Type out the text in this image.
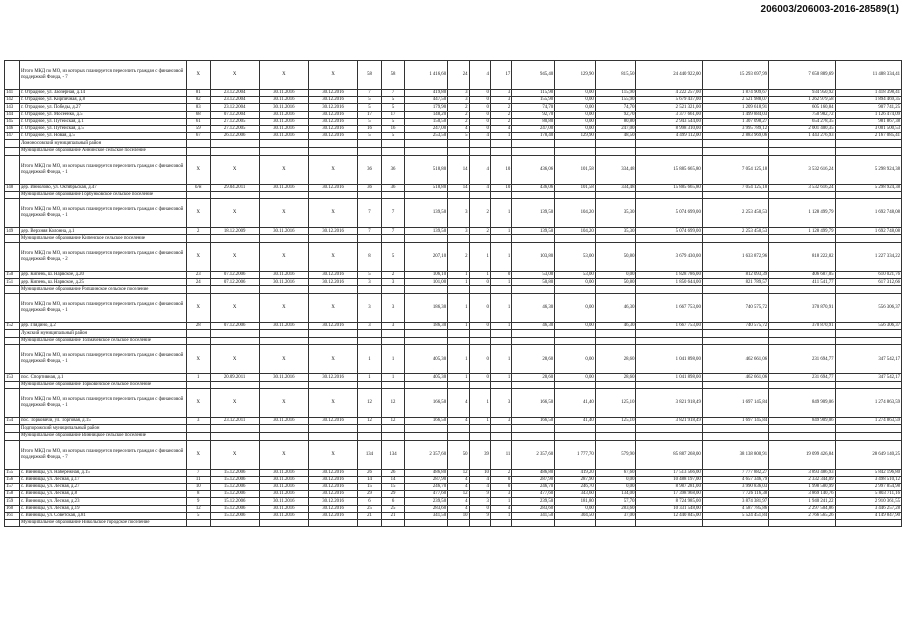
206003/206003-2016-28589(1)
	Итого МКД по МО, из которых планируется переселить граждан с финансовой поддержкой Фонда, - 7	X	X	X	X	58	58	1 416,60	24	4	17	945,40	129,90	815,50	24 440 922,00	15 293 697,99	7 650 889,69	11 488 334,41
141	г. Отрадное, ул. Заозерная, д.14	81	23.12.2004	30.11.2016	30.12.2016	7	7	419,80	3	0	3	115,90	0,00	115,90	4 222 257,00	1 874 909,67	934 950,92	1 418 398,41
142	г. Отрадное, ул. Кирпичная, д.8	82	23.12.2004	30.11.2016	30.12.2016	5	5	447,50	3	0	3	155,90	0,00	155,90	5 679 437,00	2 521 988,07	1 262 979,58	1 894 469,35
143	г. Отрадное, ул. Победы, д.27	83	23.12.2004	30.11.2016	30.12.2016	5	5	179,90	2	0	2	74,70	0,00	74,70	2 521 321,00	1 209 618,91	605 160,84	907 741,25
144	г. Отрадное, ул. Мосеенко, д.5	68	07.12.2004	30.11.2016	30.12.2016	17	17	148,20	2	0	2	92,70	0,00	92,70	3 377 661,00	1 499 884,03	750 982,72	1 126 474,09
145	г. Отрадное, ул. Путейская, д.1	61	27.12.2005	30.11.2016	30.12.2016	5	5	150,50	2	0	2	80,80	0,00	80,80	2 943 544,00	1 307 098,27	654 278,35	981 867,38
146	г. Отрадное, ул. Путейская, д.5	59	27.12.2005	30.11.2016	30.12.2016	16	16	247,00	4	0	4	247,00	0,00	247,00	8 998 310,00	3 995 789,12	2 001 400,35	3 001 500,53
147	г. Отрадное, ул. Новая, д.5	67	26.12.2006	30.11.2016	30.12.2016	5	5	253,50	5	4	1	178,40	129,90	48,50	4 499 112,00	2 883 969,06	1 443 276,93	2 167 085,41
	Ломоносовский муниципальный район																	
	Муниципальное образование Аннинское сельское поселение																	
	Итого МКД по МО, из которых планируется переселить граждан с финансовой поддержкой Фонда, - 1	X	X	X	X	36	36	518,80	14	4	10	436,06	101,58	334,48	15 885 665,80	7 054 125,18	3 532 616,24	5 298 924,38
148	дер. Иннолово, ул. Октябрьская, д.47	б/н	29.04.2011	30.11.2016	30.12.2016	36	36	518,80	14	4	10	436,06	101,58	334,48	15 885 665,80	7 054 125,18	3 532 616,24	5 298 924,38
	Муниципальное образование Горбунковское сельское поселение																	
	Итого МКД по МО, из которых планируется переселить граждан с финансовой поддержкой Фонда, - 1	X	X	X	X	7	7	139,50	3	2	1	139,50	104,20	35,30	5 074 699,00	2 253 450,53	1 128 499,79	1 692 748,08
149	дер. Верхняя Колонна, д.1	2	18.12.2009	30.11.2016	30.12.2016	7	7	139,50	3	2	1	139,50	104,20	35,30	5 074 699,00	2 253 450,53	1 128 499,79	1 692 748,08
	Муниципальное образование Кипенское сельское поселение																	
	Итого МКД по МО, из которых планируется переселить граждан с финансовой поддержкой Фонда, - 2	X	X	X	X	8	5	207,10	2	1	1	103,80	53,00	50,80	3 679 430,00	1 633 872,96	818 222,82	1 227 334,22
150	дер. Кипень, ш. Нарвское, д.20	23	07.12.2006	30.11.2016	30.12.2016	5	2	106,10	1	1	0	53,00	53,00	0,00	1 828 786,00	812 093,39	406 687,05	610 021,76
151	дер. Кипень, ш. Нарвское, д.25	24	07.12.2006	30.11.2016	30.12.2016	3	3	101,00	1	0	1	50,80	0,00	50,80	1 850 644,00	821 789,57	411 541,77	617 312,66
	Муниципальное образование Ропшинское сельское поселение																	
	Итого МКД по МО, из которых планируется переселить граждан с финансовой поддержкой Фонда, - 1	X	X	X	X	3	3	186,30	1	0	1	46,30	0,00	46,30	1 667 753,00	740 575,72	370 870,91	556 306,37
152	дер. Глядино, д.2	28	07.12.2006	30.11.2016	30.12.2016	3	3	186,30	1	0	1	46,30	0,00	46,30	1 667 753,00	740 575,72	370 870,91	556 306,37
	Лужский муниципальный район																	
	Муниципальное образование Толмачевское сельское поселение																	
	Итого МКД по МО, из которых планируется переселить граждан с финансовой поддержкой Фонда, - 1	X	X	X	X	1	1	405,30	1	0	1	28,60	0,00	28,60	1 041 898,00	462 661,06	231 694,77	347 542,17
153	пос. Спортивная, д.1	1	20.09.2011	30.11.2016	30.12.2016	1	1	405,30	1	0	1	28,60	0,00	28,60	1 041 898,00	462 661,06	231 694,77	347 542,17
	Муниципальное образование Торковичское сельское поселение																	
	Итого МКД по МО, из которых планируется переселить граждан с финансовой поддержкой Фонда, - 1	X	X	X	X	12	12	166,50	4	1	3	166,50	41,40	125,10	3 821 918,49	1 697 145,84	849 909,06	1 274 863,59
154	пос. Торковичи, ул. Торговая, д.15	3	23.12.2011	30.11.2016	30.12.2016	12	12	166,50	4	1	3	166,50	41,40	125,10	3 821 918,49	1 697 145,84	849 909,06	1 274 863,59
	Подпорожский муниципальный район																	
	Муниципальное образование Винницкое сельское поселение																	
	Итого МКД по МО, из которых планируется переселить граждан с финансовой поддержкой Фонда, - 7	X	X	X	X	134	134	2 357,60	50	39	11	2 357,60	1 777,70	579,90	85 887 268,00	38 138 800,91	19 099 426,84	28 649 140,25
155	с. Винницы, ул. Набережная, д.15	7	15.12.2006	30.11.2016	30.12.2016	26	26	486,80	12	10	2	486,80	419,20	67,60	17 513 566,00	7 777 882,27	3 893 486,93	5 842 196,80
156	с. Винницы, ул. Лесная, д.17	11	15.12.2006	30.11.2016	30.12.2016	14	14	287,90	4	4	0	287,90	287,90	0,00	10 488 197,00	4 657 346,79	2 332 344,09	3 498 510,12
157	с. Винницы, ул. Лесная, д.27	10	15.12.2006	30.11.2016	30.12.2016	15	15	246,70	4	4	0	246,70	246,70	0,00	8 987 281,00	3 990 836,03	1 998 580,99	2 997 854,98
158	с. Винницы, ул. Лесная, д.8	8	15.12.2006	30.11.2016	30.12.2016	29	29	477,60	12	9	3	477,60	343,60	134,00	17 398 968,00	7 726 116,38	3 869 140,76	5 803 711,16
159	с. Винницы, ул. Лесная, д.23	9	15.12.2006	30.11.2016	30.12.2016	6	6	239,50	4	3	1	239,50	181,80	57,70	8 724 985,00	3 874 381,97	1 940 241,22	2 910 361,55
160	с. Винницы, ул. Лесная, д.19	12	15.12.2006	30.11.2016	30.12.2016	25	25	283,60	4	0	4	283,60	0,00	283,60	10 331 548,00	4 587 785,86	2 297 504,86	3 446 257,28
161	с. Винницы, ул. Советская, д.81	5	15.12.2006	30.11.2016	30.12.2016	21	21	341,50	10	9	1	341,50	304,50	37,00	12 440 845,00	5 524 451,84	2 766 565,26	4 149 847,90
	Муниципальное образование Никольское городское поселение																	
